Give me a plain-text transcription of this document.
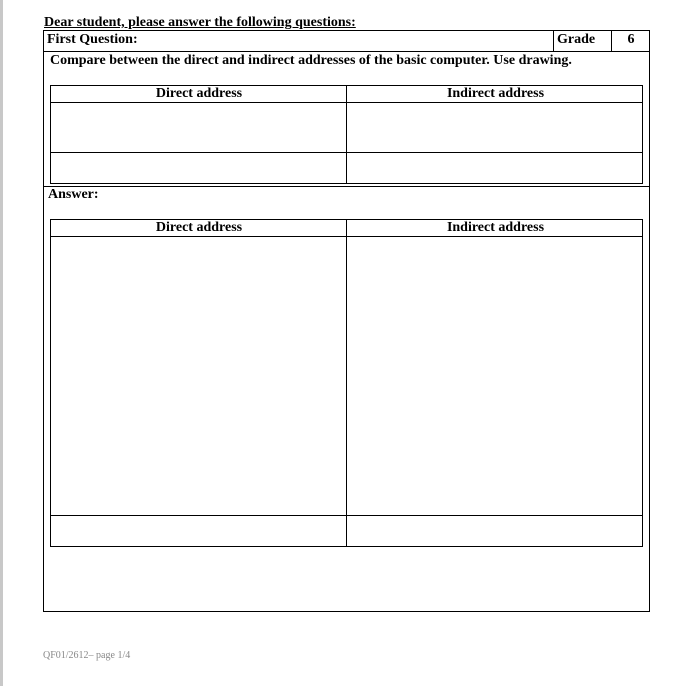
Dear student, please answer the following questions:
First Question:	Grade	6
Compare between the direct and indirect addresses of the basic computer. Use drawing.
Direct address	Indirect address
Answer:
Direct address	Indirect address
QF01/2612– page 1/4
